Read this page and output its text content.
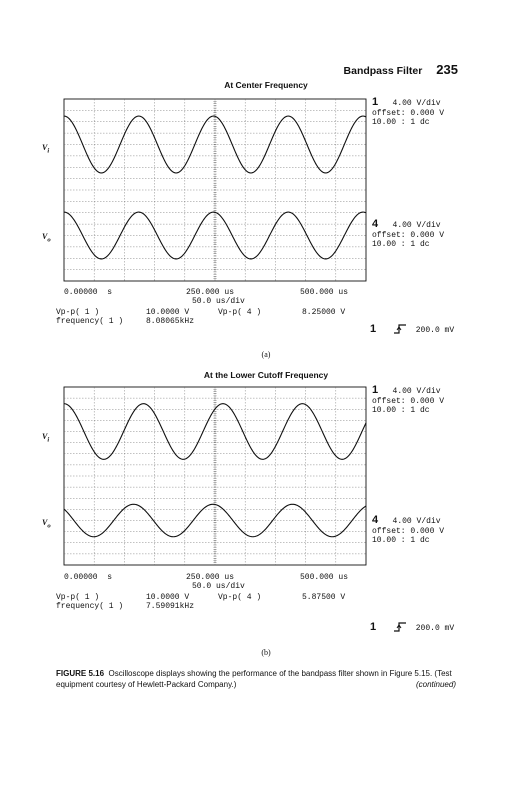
Bandpass Filter 235
At Center Frequency
$V_i$
$V_o$
1 4.00 V/div
offset: 0.000 V
10.00 : 1 dc
4 4.00 V/div
offset: 0.000 V
10.00 : 1 dc
0.00000  s	250.000 us
50.0 us/div
500.000 us
Vp-p( 1 )	10.0000 V	Vp-p( 4 )	8.25000 V
frequency( 1 )	8.08065kHz
1	200.0 mV
(a)
At the Lower Cutoff Frequency
$V_i$
$V_o$
1 4.00 V/div
offset: 0.000 V
10.00 : 1 dc
4 4.00 V/div
offset: 0.000 V
10.00 : 1 dc
0.00000  s	250.000 us
50.0 us/div
500.000 us
Vp-p( 1 )	10.0000 V	Vp-p( 4 )	5.87500 V
frequency( 1 )	7.59091kHz
1	200.0 mV
(b)
FIGURE 5.16 Oscilloscope displays showing the performance of the bandpass filter shown in Figure 5.15. (Test equipment courtesy of Hewlett-Packard Company.)	(continued)
